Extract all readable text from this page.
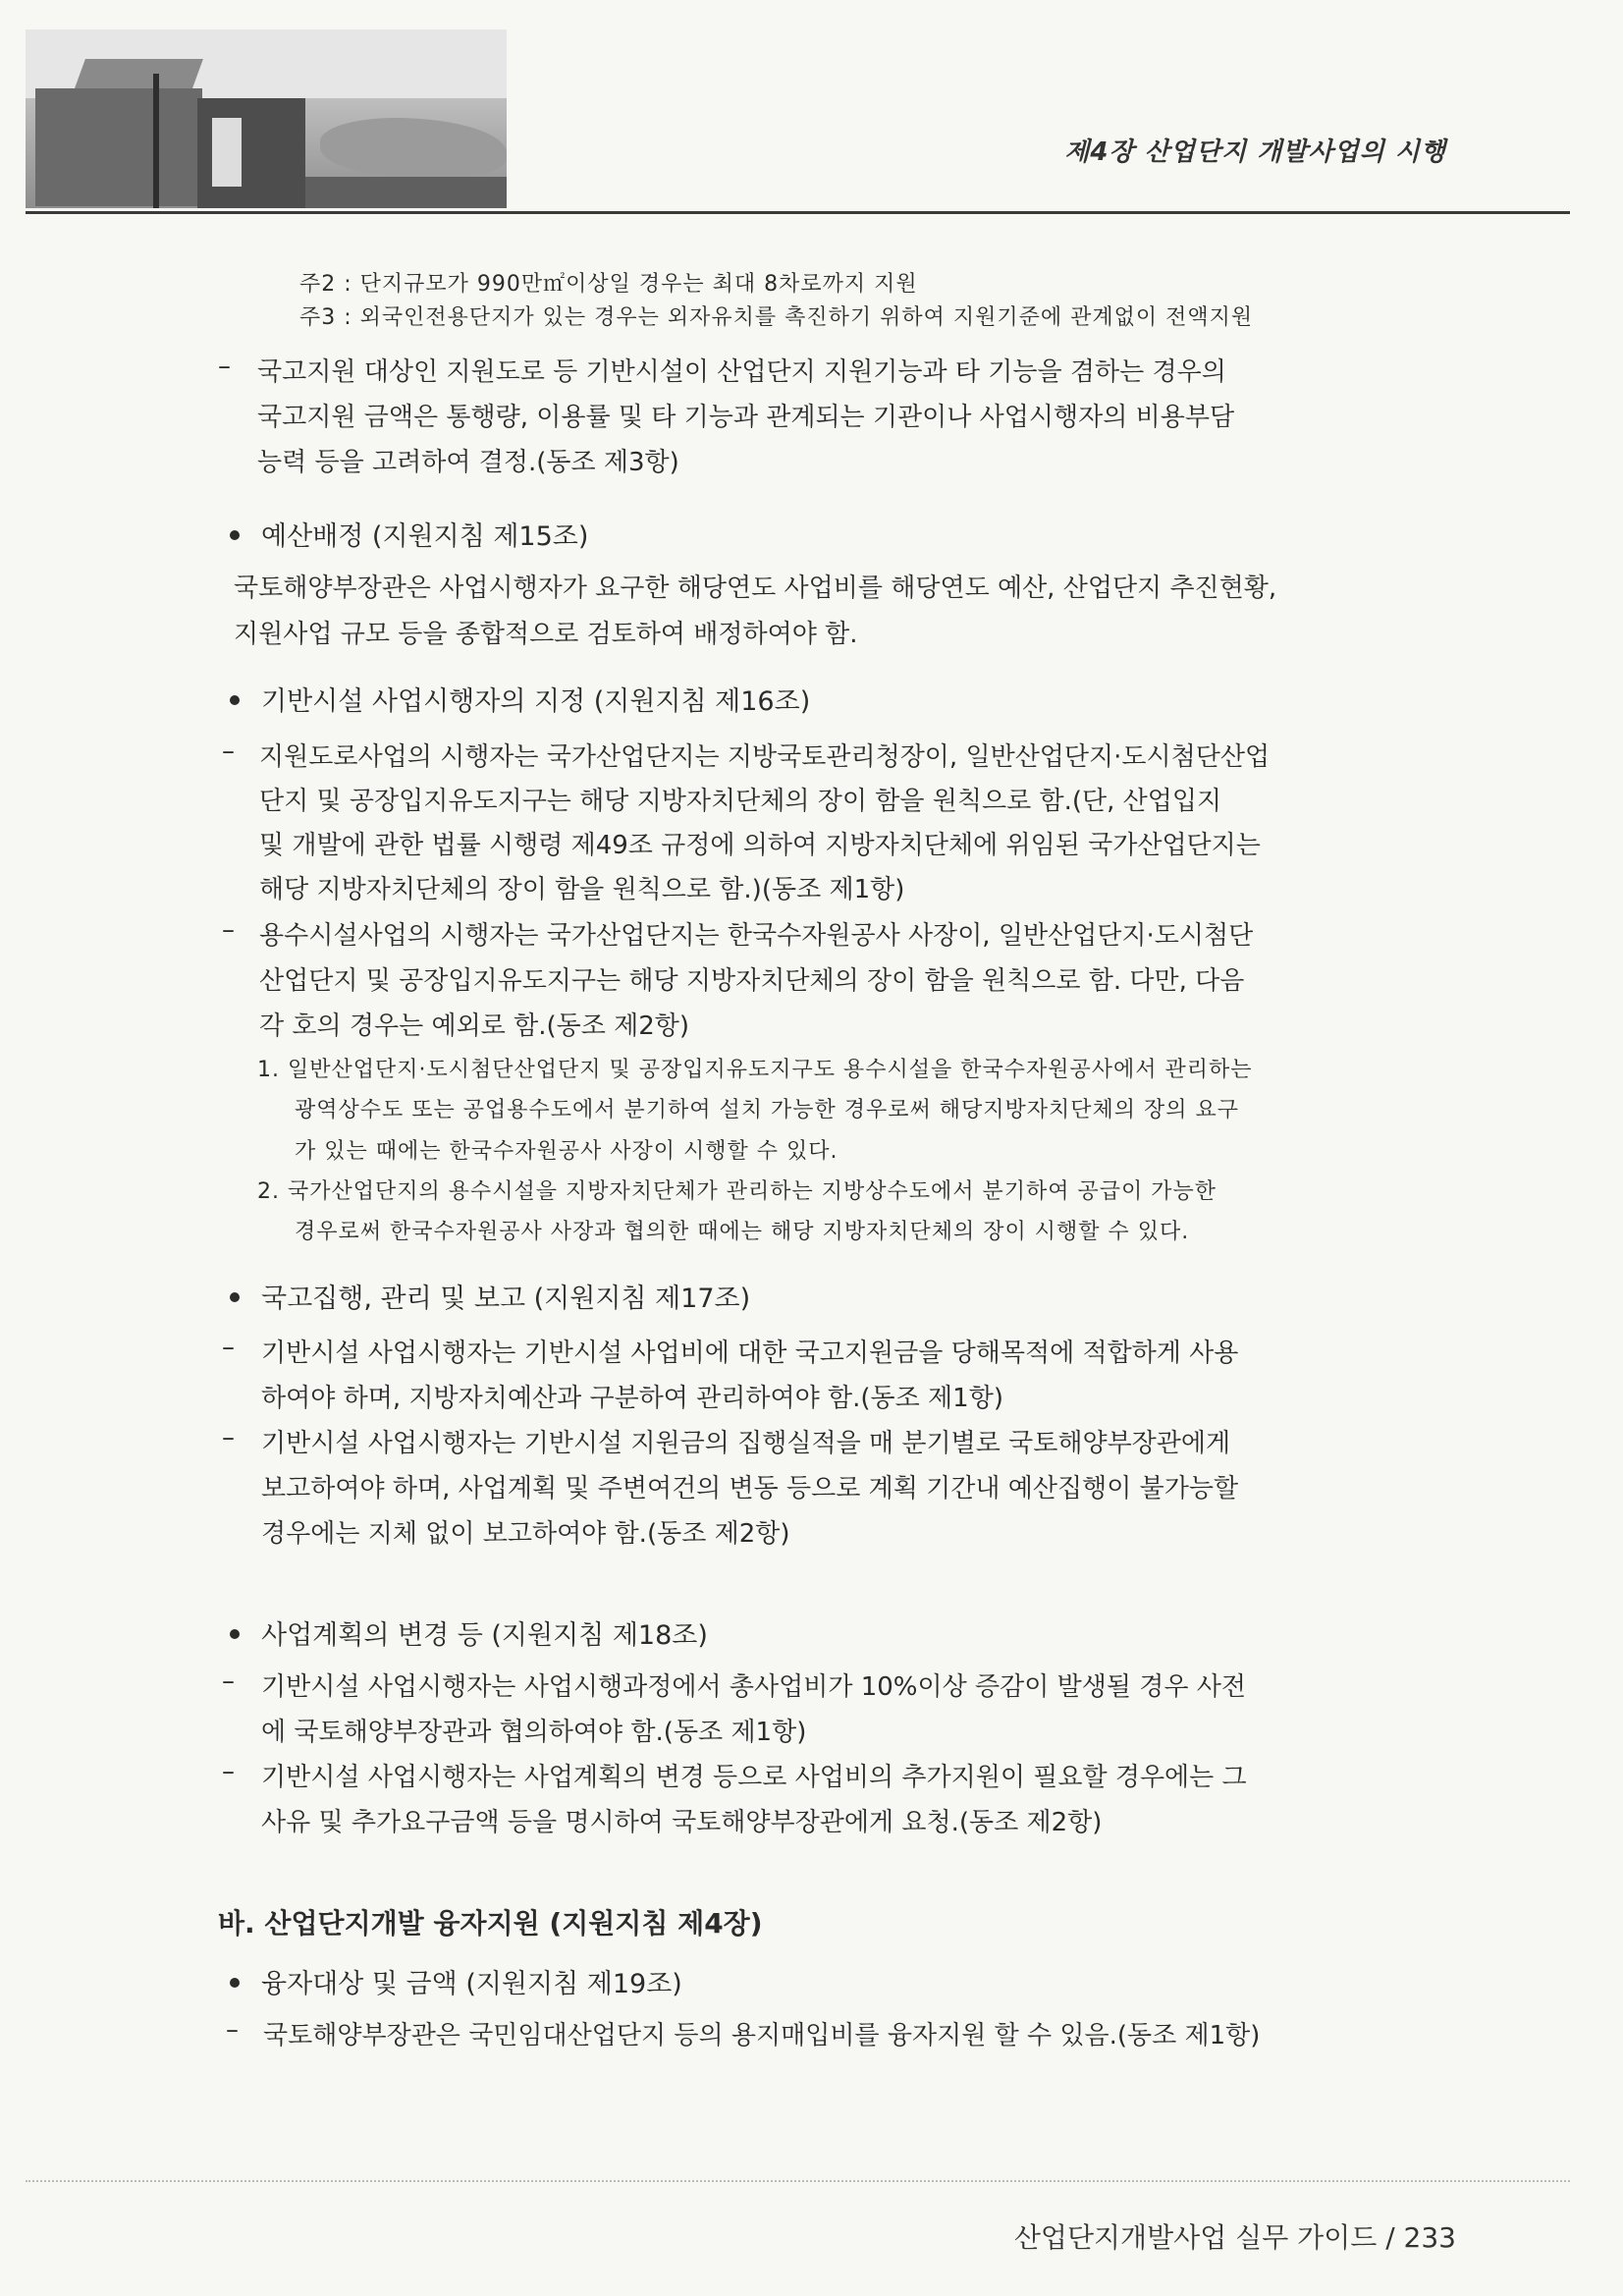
제4장 산업단지 개발사업의 시행
주2 : 단지규모가 990만㎡이상일 경우는 최대 8차로까지 지원
주3 : 외국인전용단지가 있는 경우는 외자유치를 촉진하기 위하여 지원기준에 관계없이 전액지원
– 국고지원 대상인 지원도로 등 기반시설이 산업단지 지원기능과 타 기능을 겸하는 경우의
국고지원 금액은 통행량, 이용률 및 타 기능과 관계되는 기관이나 사업시행자의 비용부담
능력 등을 고려하여 결정.(동조 제3항)
예산배정 (지원지침 제15조)
국토해양부장관은 사업시행자가 요구한 해당연도 사업비를 해당연도 예산, 산업단지 추진현황,
지원사업 규모 등을 종합적으로 검토하여 배정하여야 함.
기반시설 사업시행자의 지정 (지원지침 제16조)
– 지원도로사업의 시행자는 국가산업단지는 지방국토관리청장이, 일반산업단지·도시첨단산업
단지 및 공장입지유도지구는 해당 지방자치단체의 장이 함을 원칙으로 함.(단, 산업입지
및 개발에 관한 법률 시행령 제49조 규정에 의하여 지방자치단체에 위임된 국가산업단지는
해당 지방자치단체의 장이 함을 원칙으로 함.)(동조 제1항)
– 용수시설사업의 시행자는 국가산업단지는 한국수자원공사 사장이, 일반산업단지·도시첨단
산업단지 및 공장입지유도지구는 해당 지방자치단체의 장이 함을 원칙으로 함. 다만, 다음
각 호의 경우는 예외로 함.(동조 제2항)
1. 일반산업단지·도시첨단산업단지 및 공장입지유도지구도 용수시설을 한국수자원공사에서 관리하는
광역상수도 또는 공업용수도에서 분기하여 설치 가능한 경우로써 해당지방자치단체의 장의 요구
가 있는 때에는 한국수자원공사 사장이 시행할 수 있다.
2. 국가산업단지의 용수시설을 지방자치단체가 관리하는 지방상수도에서 분기하여 공급이 가능한
경우로써 한국수자원공사 사장과 협의한 때에는 해당 지방자치단체의 장이 시행할 수 있다.
국고집행, 관리 및 보고 (지원지침 제17조)
– 기반시설 사업시행자는 기반시설 사업비에 대한 국고지원금을 당해목적에 적합하게 사용
하여야 하며, 지방자치예산과 구분하여 관리하여야 함.(동조 제1항)
– 기반시설 사업시행자는 기반시설 지원금의 집행실적을 매 분기별로 국토해양부장관에게
보고하여야 하며, 사업계획 및 주변여건의 변동 등으로 계획 기간내 예산집행이 불가능할
경우에는 지체 없이 보고하여야 함.(동조 제2항)
사업계획의 변경 등 (지원지침 제18조)
– 기반시설 사업시행자는 사업시행과정에서 총사업비가 10%이상 증감이 발생될 경우 사전
에 국토해양부장관과 협의하여야 함.(동조 제1항)
– 기반시설 사업시행자는 사업계획의 변경 등으로 사업비의 추가지원이 필요할 경우에는 그
사유 및 추가요구금액 등을 명시하여 국토해양부장관에게 요청.(동조 제2항)
바. 산업단지개발 융자지원 (지원지침 제4장)
융자대상 및 금액 (지원지침 제19조)
– 국토해양부장관은 국민임대산업단지 등의 용지매입비를 융자지원 할 수 있음.(동조 제1항)
산업단지개발사업 실무 가이드 / 233
